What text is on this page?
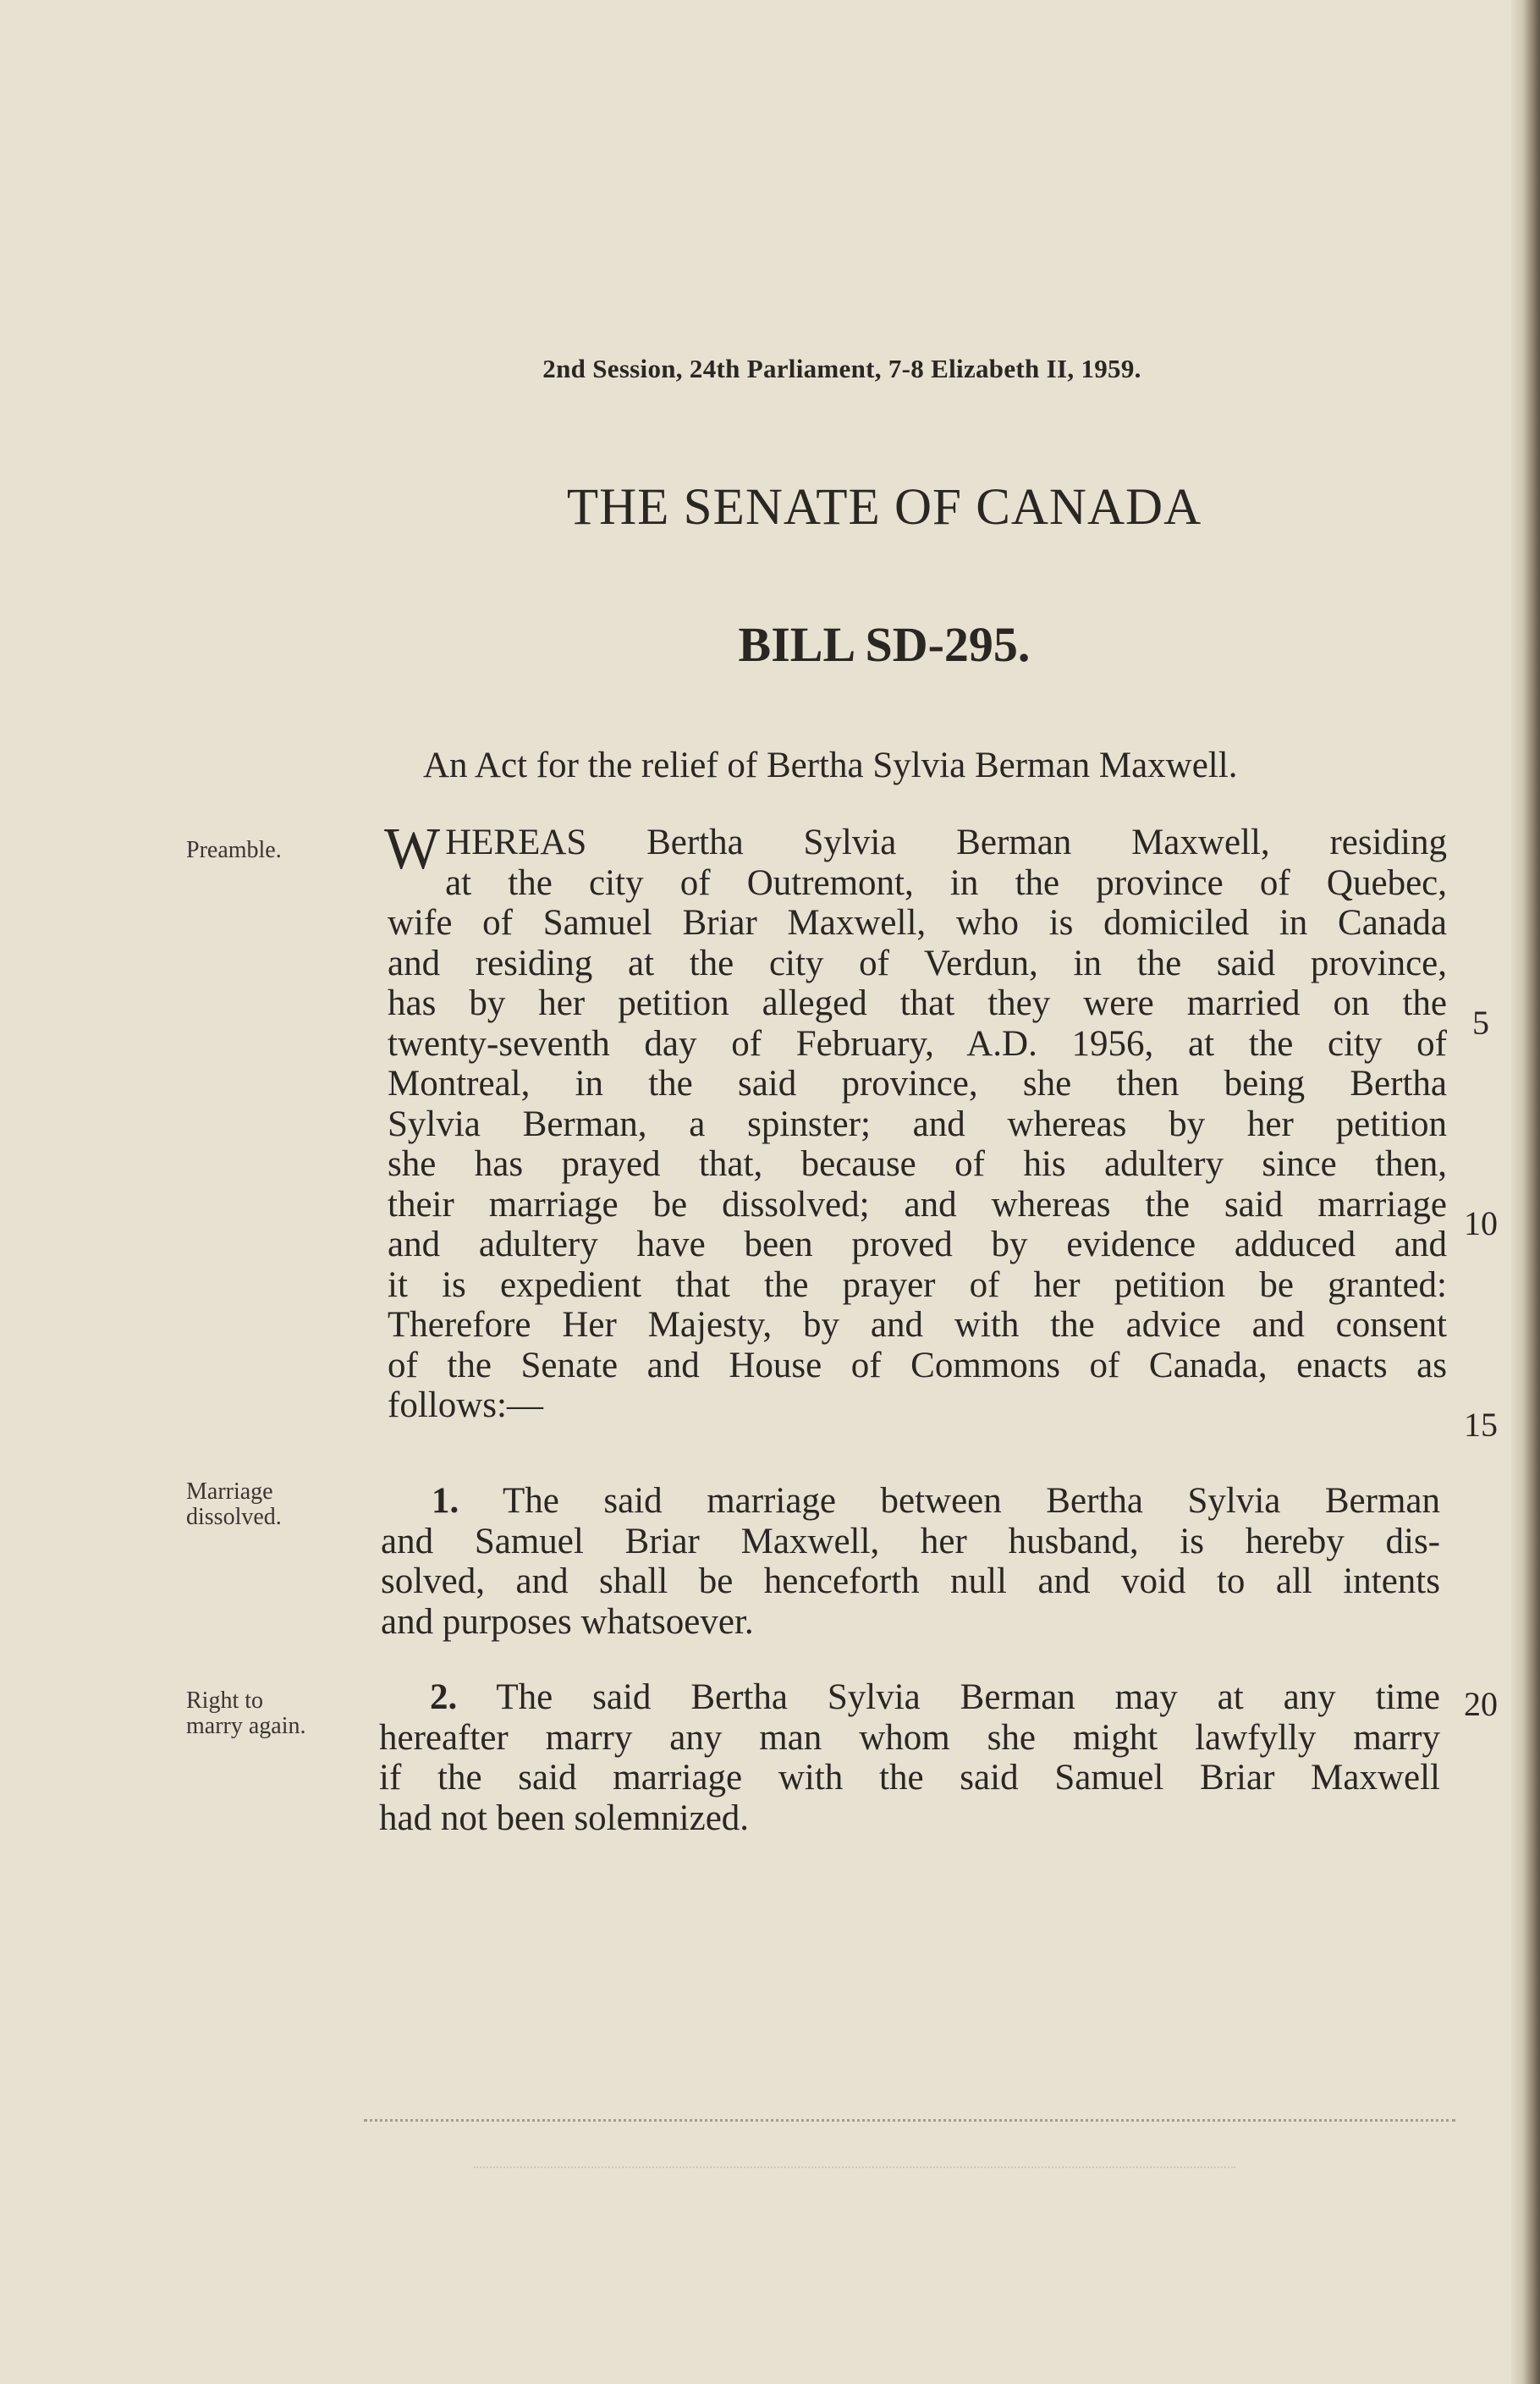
2nd Session, 24th Parliament, 7-8 Elizabeth II, 1959.
THE SENATE OF CANADA
BILL SD-295.
An Act for the relief of Bertha Sylvia Berman Maxwell.
Preamble.
Marriage
dissolved.
Right to
marry again.
W HEREAS Bertha Sylvia Berman Maxwell, residing
at the city of Outremont, in the province of Quebec,
wife of Samuel Briar Maxwell, who is domiciled in Canada
and residing at the city of Verdun, in the said province,
has by her petition alleged that they were married on the
twenty-seventh day of February, A.D. 1956, at the city of
Montreal, in the said province, she then being Bertha
Sylvia Berman, a spinster; and whereas by her petition
she has prayed that, because of his adultery since then,
their marriage be dissolved; and whereas the said marriage
and adultery have been proved by evidence adduced and
it is expedient that the prayer of her petition be granted:
Therefore Her Majesty, by and with the advice and consent
of the Senate and House of Commons of Canada, enacts as
follows:—
1. The said marriage between Bertha Sylvia Berman
and Samuel Briar Maxwell, her husband, is hereby dis-
solved, and shall be henceforth null and void to all intents
and purposes whatsoever.
2. The said Bertha Sylvia Berman may at any time
hereafter marry any man whom she might lawfylly marry
if the said marriage with the said Samuel Briar Maxwell
had not been solemnized.
5
10
15
20
